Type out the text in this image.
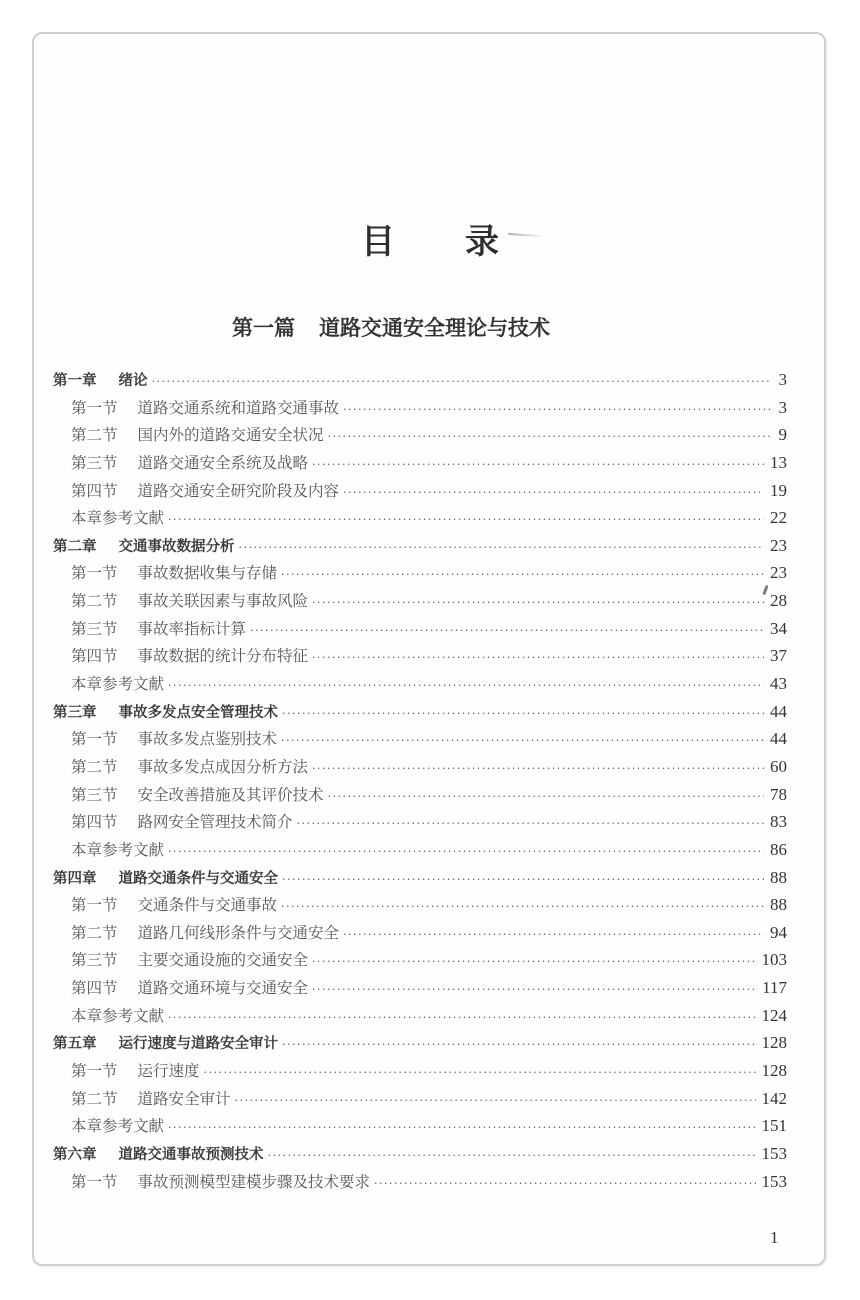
目 录
第一篇 道路交通安全理论与技术
第一章 绪论 ·····	3
第一节 道路交通系统和道路交通事故 ·····	3
第二节 国内外的道路交通安全状况 ·····	9
第三节 道路交通安全系统及战略 ·····	13
第四节 道路交通安全研究阶段及内容 ·····	19
本章参考文献 ·····	22
第二章 交通事故数据分析 ·····	23
第一节 事故数据收集与存储 ·····	23
第二节 事故关联因素与事故风险 ·····	28
第三节 事故率指标计算 ·····	34
第四节 事故数据的统计分布特征 ·····	37
本章参考文献 ·····	43
第三章 事故多发点安全管理技术 ·····	44
第一节 事故多发点鉴别技术 ·····	44
第二节 事故多发点成因分析方法 ·····	60
第三节 安全改善措施及其评价技术 ·····	78
第四节 路网安全管理技术简介 ·····	83
本章参考文献 ·····	86
第四章 道路交通条件与交通安全 ·····	88
第一节 交通条件与交通事故 ·····	88
第二节 道路几何线形条件与交通安全 ·····	94
第三节 主要交通设施的交通安全 ·····	103
第四节 道路交通环境与交通安全 ·····	117
本章参考文献 ·····	124
第五章 运行速度与道路安全审计 ·····	128
第一节 运行速度 ·····	128
第二节 道路安全审计 ·····	142
本章参考文献 ·····	151
第六章 道路交通事故预测技术 ·····	153
第一节 事故预测模型建模步骤及技术要求 ·····	153
1
